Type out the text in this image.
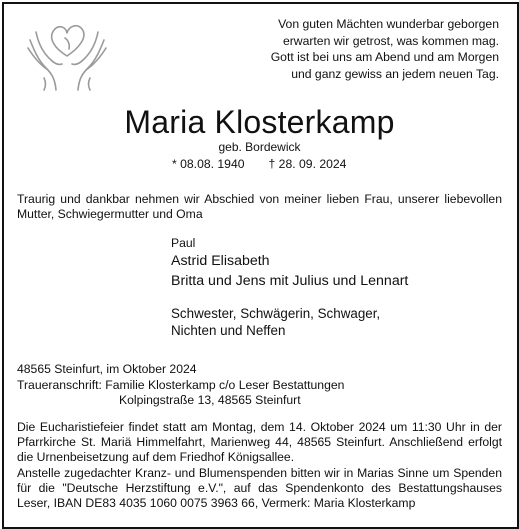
Von guten Mächten wunderbar geborgen
erwarten wir getrost, was kommen mag.
Gott ist bei uns am Abend und am Morgen
und ganz gewiss an jedem neuen Tag.
Maria Klosterkamp
geb. Bordewick
* 08.08. 1940 † 28. 09. 2024
Traurig und dankbar nehmen wir Abschied von meiner lieben Frau, unserer liebevollen Mutter, Schwiegermutter und Oma
Paul
Astrid Elisabeth
Britta und Jens mit Julius und Lennart
Schwester, Schwägerin, Schwager,
Nichten und Neffen
48565 Steinfurt, im Oktober 2024
Traueranschrift: Familie Klosterkamp c/o Leser Bestattungen
Kolpingstraße 13, 48565 Steinfurt
Die Eucharistiefeier findet statt am Montag, dem 14. Oktober 2024 um 11:30 Uhr in der Pfarrkirche St. Mariä Himmelfahrt, Marienweg 44, 48565 Steinfurt. Anschließend erfolgt die Urnenbeisetzung auf dem Friedhof Königsallee.
Anstelle zugedachter Kranz- und Blumenspenden bitten wir in Marias Sinne um Spenden für die "Deutsche Herzstiftung e.V.", auf das Spendenkonto des Bestattungshauses Leser, IBAN DE83 4035 1060 0075 3963 66, Vermerk: Maria Klosterkamp
